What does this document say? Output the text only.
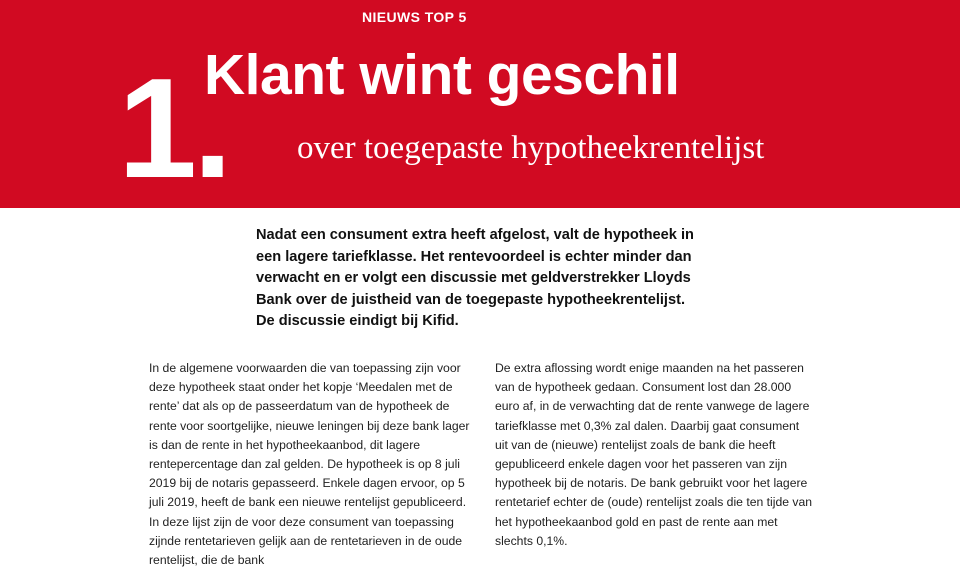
NIEUWS TOP 5
1.
Klant wint geschil
over toegepaste hypotheekrentelijst

Nadat een consument extra heeft afgelost, valt de hypotheek in een lagere tariefklasse. Het rentevoordeel is echter minder dan verwacht en er volgt een discussie met geldverstrekker Lloyds Bank over de juistheid van de toegepaste hypotheekrentelijst. De discussie eindigt bij Kifid.

In de algemene voorwaarden die van toepassing zijn voor deze hypotheek staat onder het kopje ‘Meedalen met de rente’ dat als op de passeerdatum van de hypotheek de rente voor soortgelijke, nieuwe leningen bij deze bank lager is dan de rente in het hypotheekaanbod, dit lagere rentepercentage dan zal gelden. De hypotheek is op 8 juli 2019 bij de notaris gepasseerd. Enkele dagen ervoor, op 5 juli 2019, heeft de bank een nieuwe rentelijst gepubliceerd. In deze lijst zijn de voor deze consument van toepassing zijnde rentetarieven gelijk aan de rentetarieven in de oude rentelijst, die de bank

De extra aflossing wordt enige maanden na het passeren van de hypotheek gedaan. Consument lost dan 28.000 euro af, in de verwachting dat de rente vanwege de lagere tariefklasse met 0,3% zal dalen. Daarbij gaat consument uit van de (nieuwe) rentelijst zoals de bank die heeft gepubliceerd enkele dagen voor het passeren van zijn hypotheek bij de notaris. De bank gebruikt voor het lagere rentetarief echter de (oude) rentelijst zoals die ten tijde van het hypotheekaanbod gold en past de rente aan met slechts 0,1%.
